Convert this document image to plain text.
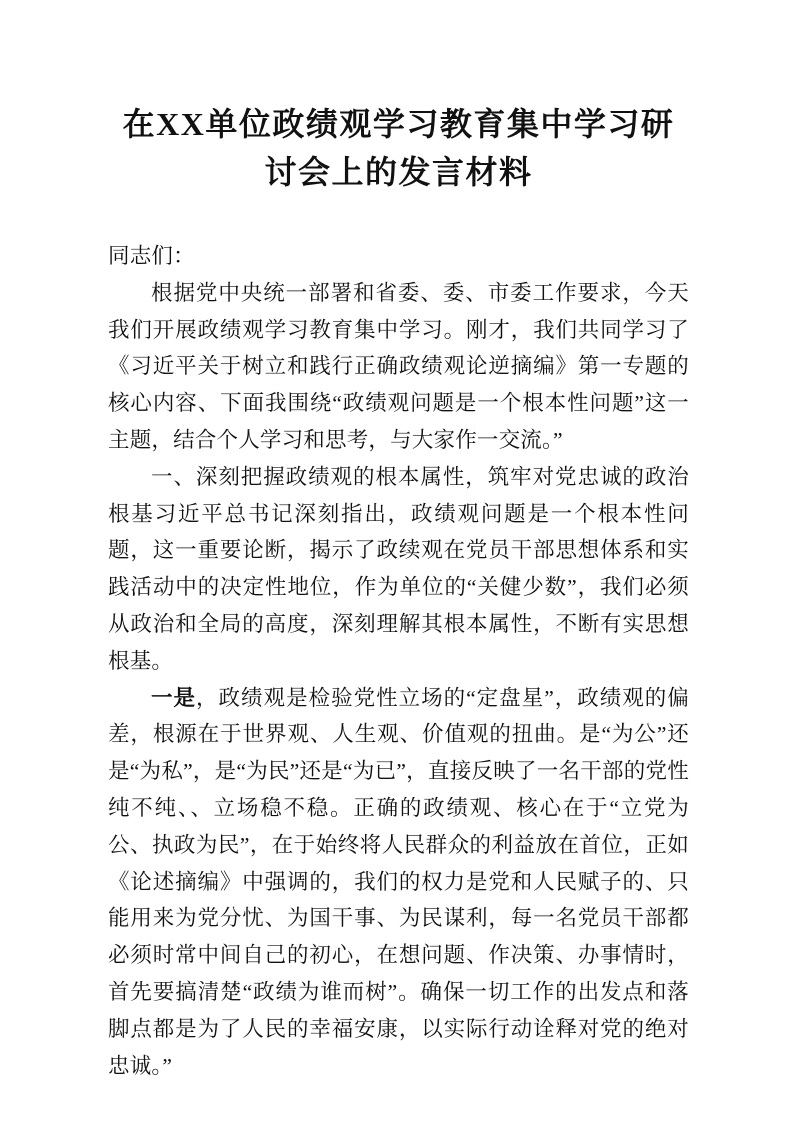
在XX单位政绩观学习教育集中学习研讨会上的发言材料

同志们：

根据党中央统一部署和省委、委、市委工作要求，今天我们开展政绩观学习教育集中学习。刚才，我们共同学习了《习近平关于树立和践行正确政绩观论逆摘编》第一专题的核心内容、下面我围绕“政绩观问题是一个根本性问题”这一主题，结合个人学习和思考，与大家作一交流。”

一、深刻把握政绩观的根本属性，筑牢对党忠诚的政治根基习近平总书记深刻指出，政绩观问题是一个根本性问题，这一重要论断，揭示了政续观在党员干部思想体系和实践活动中的决定性地位，作为单位的“关健少数”，我们必须从政治和全局的高度，深刻理解其根本属性，不断有实思想根基。

一是，政绩观是检验党性立场的“定盘星”，政绩观的偏差，根源在于世界观、人生观、价值观的扭曲。是“为公”还是“为私”，是“为民”还是“为已”，直接反映了一名干部的党性纯不纯、、立场稳不稳。正确的政绩观、核心在于“立党为公、执政为民”，在于始终将人民群众的利益放在首位，正如《论述摘编》中强调的，我们的权力是党和人民赋子的、只能用来为党分忧、为国干事、为民谋利，每一名党员干部都必须时常中间自己的初心，在想问题、作决策、办事情时，首先要搞清楚“政绩为谁而树”。确保一切工作的出发点和落脚点都是为了人民的幸福安康，以实际行动诠释对党的绝对忠诚。”
